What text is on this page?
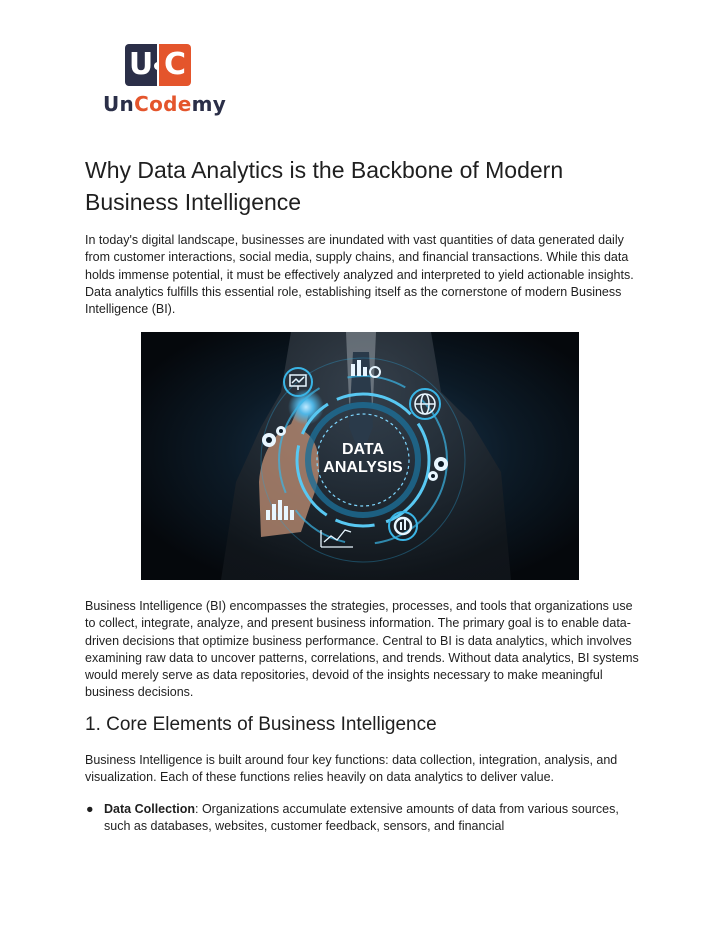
U C
UnCodemy
Why Data Analytics is the Backbone of Modern Business Intelligence

In today's digital landscape, businesses are inundated with vast quantities of data generated daily from customer interactions, social media, supply chains, and financial transactions. While this data holds immense potential, it must be effectively analyzed and interpreted to yield actionable insights. Data analytics fulfills this essential role, establishing itself as the cornerstone of modern Business Intelligence (BI).

DATA
ANALYSIS

Business Intelligence (BI) encompasses the strategies, processes, and tools that organizations use to collect, integrate, analyze, and present business information. The primary goal is to enable data-driven decisions that optimize business performance. Central to BI is data analytics, which involves examining raw data to uncover patterns, correlations, and trends. Without data analytics, BI systems would merely serve as data repositories, devoid of the insights necessary to make meaningful business decisions.

1. Core Elements of Business Intelligence

Business Intelligence is built around four key functions: data collection, integration, analysis, and visualization. Each of these functions relies heavily on data analytics to deliver value.

● Data Collection: Organizations accumulate extensive amounts of data from various sources, such as databases, websites, customer feedback, sensors, and financial
